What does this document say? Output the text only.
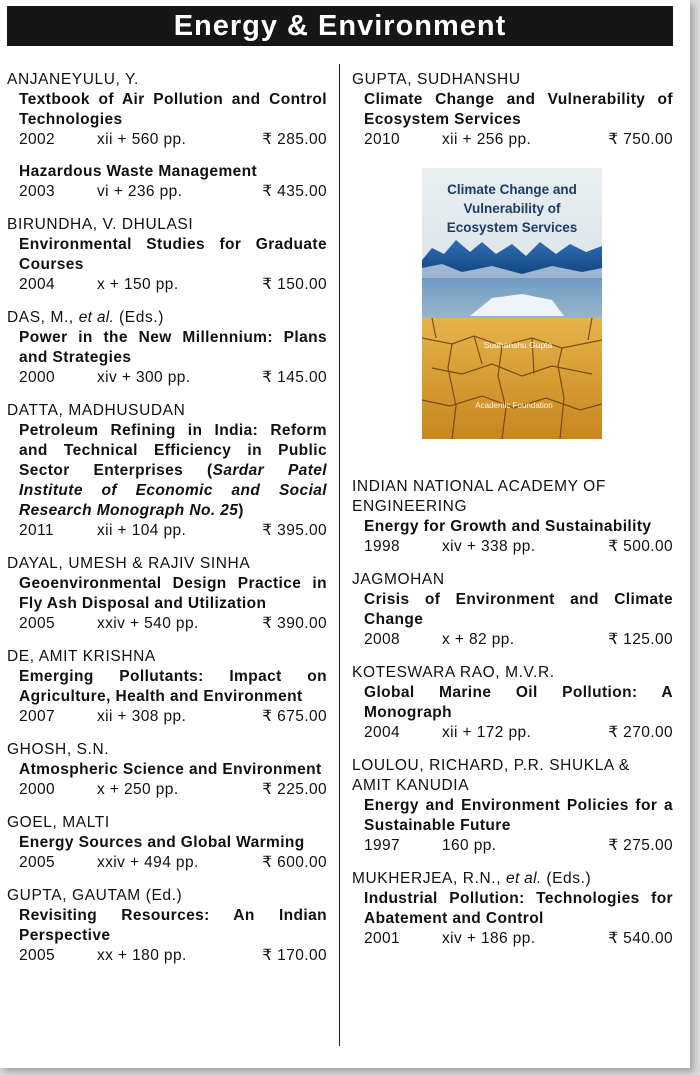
Energy & Environment
ANJANEYULU, Y.
Textbook of Air Pollution and Control Technologies
2002	xii + 560 pp.	₹ 285.00
Hazardous Waste Management
2003	vi + 236 pp.	₹ 435.00
BIRUNDHA, V. DHULASI
Environmental Studies for Graduate Courses
2004	x + 150 pp.	₹ 150.00
DAS, M., et al. (Eds.)
Power in the New Millennium: Plans and Strategies
2000	xiv + 300 pp.	₹ 145.00
DATTA, MADHUSUDAN
Petroleum Refining in India: Reform and Technical Efficiency in Public Sector Enterprises (Sardar Patel Institute of Economic and Social Research Monograph No. 25)
2011	xii + 104 pp.	₹ 395.00
DAYAL, UMESH & RAJIV SINHA
Geoenvironmental Design Practice in Fly Ash Disposal and Utilization
2005	xxiv + 540 pp.	₹ 390.00
DE, AMIT KRISHNA
Emerging Pollutants: Impact on Agriculture, Health and Environment
2007	xii + 308 pp.	₹ 675.00
GHOSH, S.N.
Atmospheric Science and Environment
2000	x + 250 pp.	₹ 225.00
GOEL, MALTI
Energy Sources and Global Warming
2005	xxiv + 494 pp.	₹ 600.00
GUPTA, GAUTAM (Ed.)
Revisiting Resources: An Indian Perspective
2005	xx + 180 pp.	₹ 170.00
GUPTA, SUDHANSHU
Climate Change and Vulnerability of Ecosystem Services
2010	xii + 256 pp.	₹ 750.00
Climate Change and
Vulnerability of
Ecosystem Services
Sudhanshu Gupta
Academic Foundation
INDIAN NATIONAL ACADEMY OF ENGINEERING
Energy for Growth and Sustainability
1998	xiv + 338 pp.	₹ 500.00
JAGMOHAN
Crisis of Environment and Climate Change
2008	x + 82 pp.	₹ 125.00
KOTESWARA RAO, M.V.R.
Global Marine Oil Pollution: A Monograph
2004	xii + 172 pp.	₹ 270.00
LOULOU, RICHARD, P.R. SHUKLA & AMIT KANUDIA
Energy and Environment Policies for a Sustainable Future
1997	160 pp.	₹ 275.00
MUKHERJEA, R.N., et al. (Eds.)
Industrial Pollution: Technologies for Abatement and Control
2001	xiv + 186 pp.	₹ 540.00
